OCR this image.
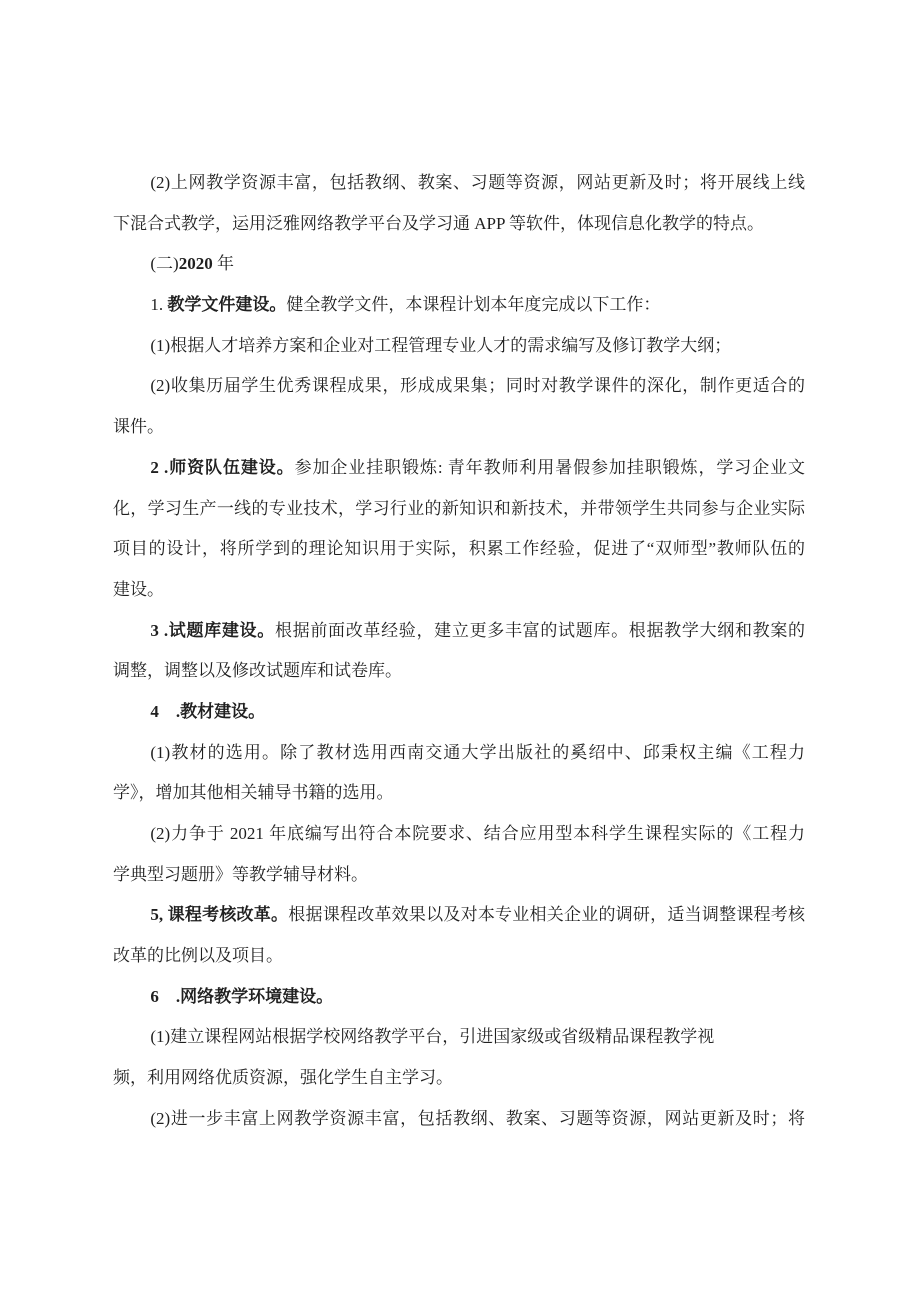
(2)上网教学资源丰富，包括教纲、教案、习题等资源，网站更新及时；将开展线上线
下混合式教学，运用泛雅网络教学平台及学习通 APP 等软件，体现信息化教学的特点。
(二)2020 年
1. 教学文件建设。健全教学文件，本课程计划本年度完成以下工作：
(1)根据人才培养方案和企业对工程管理专业人才的需求编写及修订教学大纲；
(2)收集历届学生优秀课程成果，形成成果集；同时对教学课件的深化，制作更适合的
课件。
2 .师资队伍建设。参加企业挂职锻炼: 青年教师利用暑假参加挂职锻炼，学习企业文
化，学习生产一线的专业技术，学习行业的新知识和新技术，并带领学生共同参与企业实际
项目的设计，将所学到的理论知识用于实际，积累工作经验，促进了“双师型”教师队伍的
建设。
3 .试题库建设。根据前面改革经验，建立更多丰富的试题库。根据教学大纲和教案的
调整，调整以及修改试题库和试卷库。
4　 .教材建设。
(1)教材的选用。除了教材选用西南交通大学出版社的奚绍中、邱秉权主编《工程力
学》，增加其他相关辅导书籍的选用。
(2)力争于 2021 年底编写出符合本院要求、结合应用型本科学生课程实际的《工程力
学典型习题册》等教学辅导材料。
5, 课程考核改革。根据课程改革效果以及对本专业相关企业的调研，适当调整课程考核
改革的比例以及项目。
6　 .网络教学环境建设。
(1)建立课程网站根据学校网络教学平台，引进国家级或省级精品课程教学视
频，利用网络优质资源，强化学生自主学习。
(2)进一步丰富上网教学资源丰富，包括教纲、教案、习题等资源，网站更新及时；将
